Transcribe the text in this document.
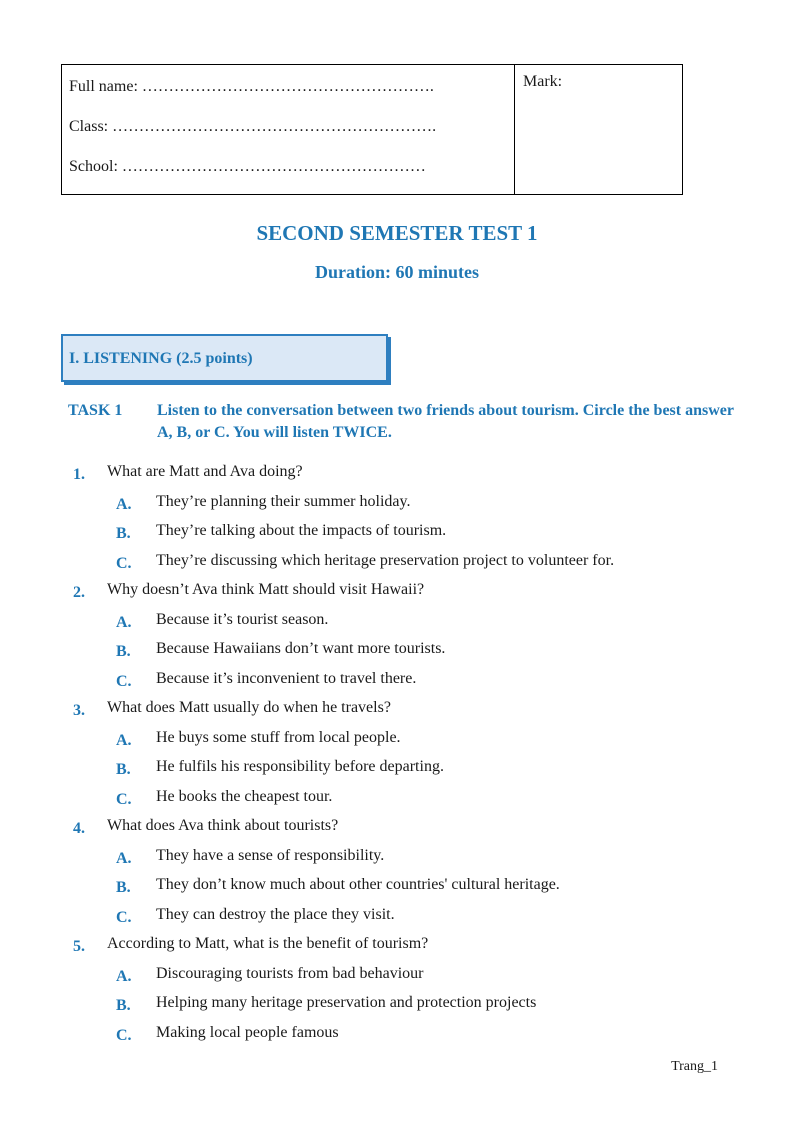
Full name: ……………………………………………….
Class: …………………………………………………….
School: …………………………………………………
Mark:
SECOND SEMESTER TEST 1
Duration: 60 minutes
I. LISTENING (2.5 points)
TASK 1	Listen to the conversation between two friends about tourism. Circle the best answer A, B, or C. You will listen TWICE.
1. What are Matt and Ava doing?
A. They’re planning their summer holiday.
B. They’re talking about the impacts of tourism.
C. They’re discussing which heritage preservation project to volunteer for.
2. Why doesn’t Ava think Matt should visit Hawaii?
A. Because it’s tourist season.
B. Because Hawaiians don’t want more tourists.
C. Because it’s inconvenient to travel there.
3. What does Matt usually do when he travels?
A. He buys some stuff from local people.
B. He fulfils his responsibility before departing.
C. He books the cheapest tour.
4. What does Ava think about tourists?
A. They have a sense of responsibility.
B. They don’t know much about other countries' cultural heritage.
C. They can destroy the place they visit.
5. According to Matt, what is the benefit of tourism?
A. Discouraging tourists from bad behaviour
B. Helping many heritage preservation and protection projects
C. Making local people famous
Trang_1
